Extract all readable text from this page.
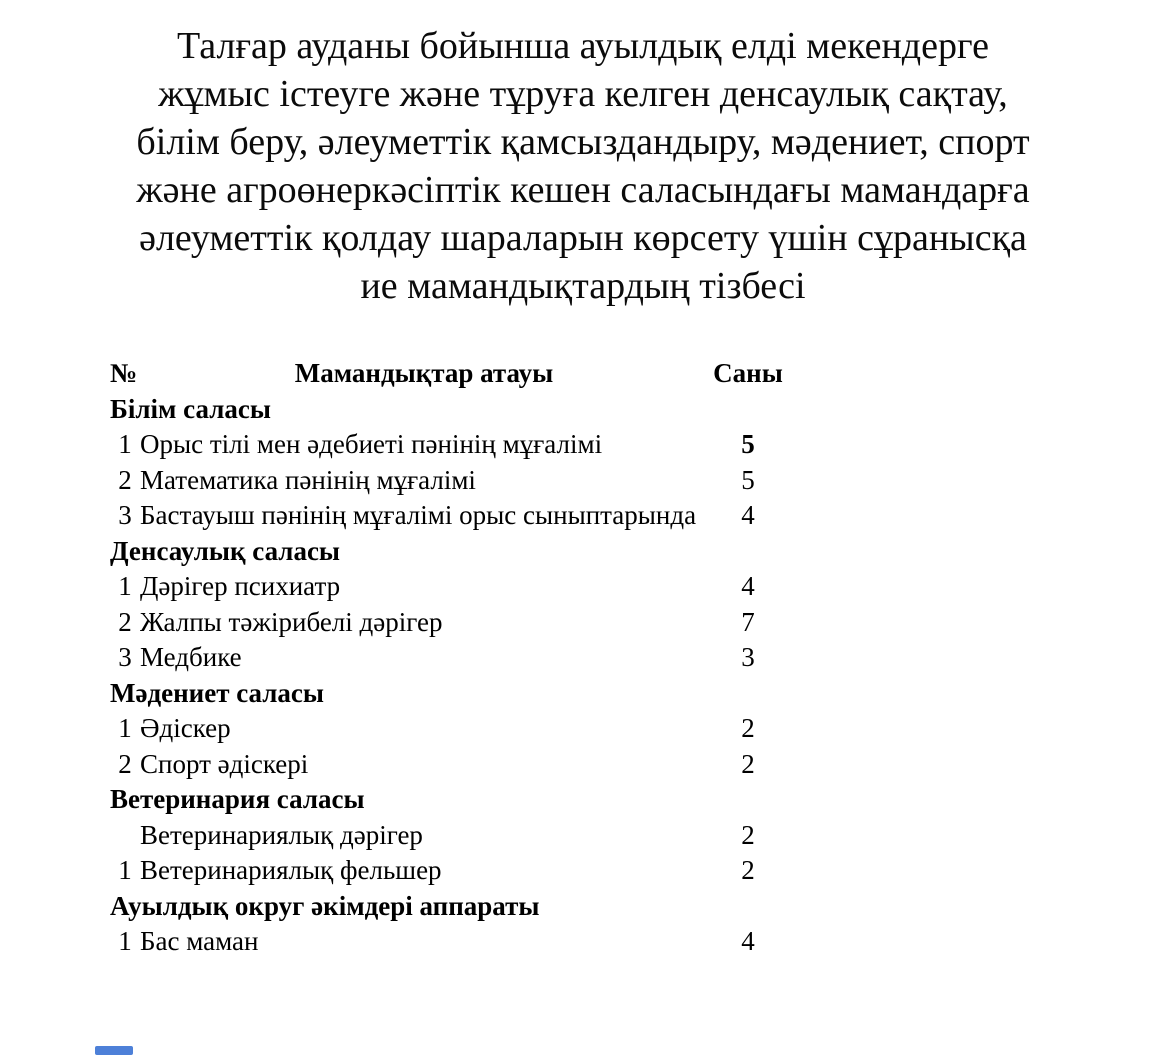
Талғар ауданы бойынша ауылдық елді мекендерге
жұмыс істеуге және тұруға келген денсаулық сақтау,
білім беру, әлеуметтік қамсыздандыру, мәдениет, спорт
және агроөнеркәсіптік кешен саласындағы мамандарға
әлеуметтік қолдау шараларын көрсету үшін сұранысқа
ие мамандықтардың тізбесі
№	Мамандықтар атауы	Саны
Білім саласы
1 Орыс тілі мен әдебиеті пәнінің мұғалімі	5
2 Математика пәнінің мұғалімі	5
3 Бастауыш пәнінің мұғалімі орыс сыныптарында	4
Денсаулық саласы
1 Дәрігер психиатр	4
2 Жалпы тәжірибелі дәрігер	7
3 Медбике	3
Мәдениет саласы
1 Әдіскер	2
2 Спорт әдіскері	2
Ветеринария саласы
Ветеринариялық дәрігер	2
1 Ветеринариялық фельшер	2
Ауылдық округ әкімдері аппараты
1 Бас маман	4
